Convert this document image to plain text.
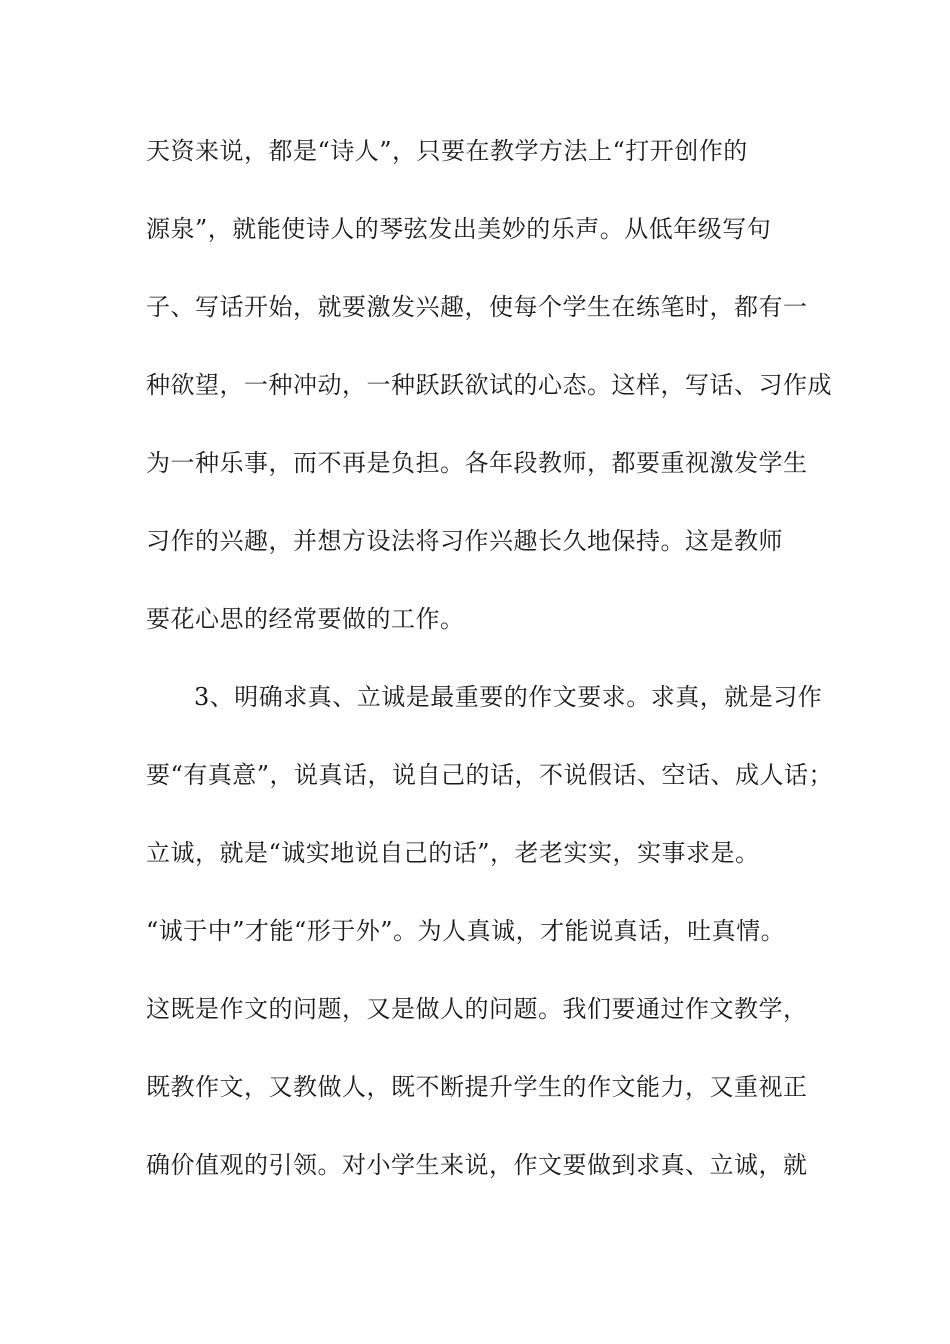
天资来说，都是“诗人”，只要在教学方法上“打开创作的
源泉”，就能使诗人的琴弦发出美妙的乐声。从低年级写句
子、写话开始，就要激发兴趣，使每个学生在练笔时，都有一
种欲望，一种冲动，一种跃跃欲试的心态。这样，写话、习作成
为一种乐事，而不再是负担。各年段教师，都要重视激发学生
习作的兴趣，并想方设法将习作兴趣长久地保持。这是教师
要花心思的经常要做的工作。
3、明确求真、立诚是最重要的作文要求。求真，就是习作
要“有真意”，说真话，说自己的话，不说假话、空话、成人话；
立诚，就是“诚实地说自己的话”，老老实实，实事求是。
“诚于中”才能“形于外”。为人真诚，才能说真话，吐真情。
这既是作文的问题，又是做人的问题。我们要通过作文教学，
既教作文，又教做人，既不断提升学生的作文能力，又重视正
确价值观的引领。对小学生来说，作文要做到求真、立诚，就
